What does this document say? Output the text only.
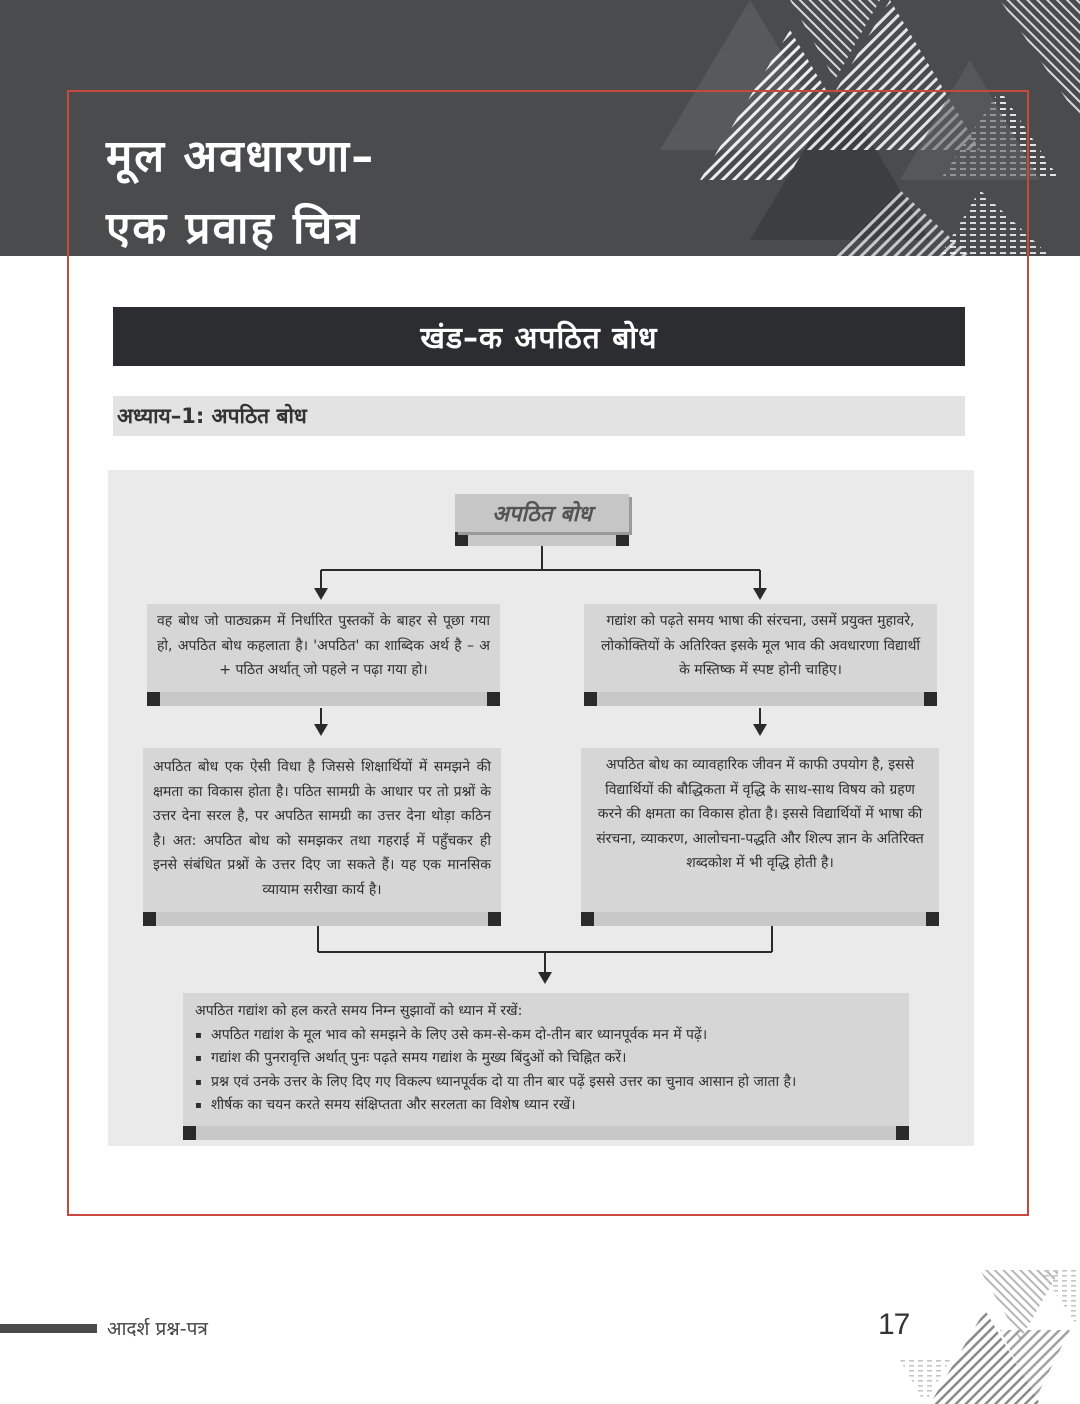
मूल अवधारणा–
एक प्रवाह चित्र
खंड–क अपठित बोध
अध्याय–1: अपठित बोध
अपठित बोध
वह बोध जो पाठ्यक्रम में निर्धारित पुस्तकों के बाहर से पूछा गया हो, अपठित बोध कहलाता है। 'अपठित' का शाब्दिक अर्थ है – अ + पठित अर्थात् जो पहले न पढ़ा गया हो।
गद्यांश को पढ़ते समय भाषा की संरचना, उसमें प्रयुक्त मुहावरे, लोकोक्तियों के अतिरिक्त इसके मूल भाव की अवधारणा विद्यार्थी के मस्तिष्क में स्पष्ट होनी चाहिए।
अपठित बोध एक ऐसी विधा है जिससे शिक्षार्थियों में समझने की क्षमता का विकास होता है। पठित सामग्री के आधार पर तो प्रश्नों के उत्तर देना सरल है, पर अपठित सामग्री का उत्तर देना थोड़ा कठिन है। अत: अपठित बोध को समझकर तथा गहराई में पहुँचकर ही इनसे संबंधित प्रश्नों के उत्तर दिए जा सकते हैं। यह एक मानसिक व्यायाम सरीखा कार्य है।
अपठित बोध का व्यावहारिक जीवन में काफी उपयोग है, इससे विद्यार्थियों की बौद्धिकता में वृद्धि के साथ-साथ विषय को ग्रहण करने की क्षमता का विकास होता है। इससे विद्यार्थियों में भाषा की संरचना, व्याकरण, आलोचना-पद्धति और शिल्प ज्ञान के अतिरिक्त शब्दकोश में भी वृद्धि होती है।
अपठित गद्यांश को हल करते समय निम्न सुझावों को ध्यान में रखें:
▪ अपठित गद्यांश के मूल भाव को समझने के लिए उसे कम-से-कम दो-तीन बार ध्यानपूर्वक मन में पढ़ें।
▪ गद्यांश की पुनरावृत्ति अर्थात् पुनः पढ़ते समय गद्यांश के मुख्य बिंदुओं को चिह्नित करें।
▪ प्रश्न एवं उनके उत्तर के लिए दिए गए विकल्प ध्यानपूर्वक दो या तीन बार पढ़ें इससे उत्तर का चुनाव आसान हो जाता है।
▪ शीर्षक का चयन करते समय संक्षिप्तता और सरलता का विशेष ध्यान रखें।
आदर्श प्रश्न-पत्र	17
